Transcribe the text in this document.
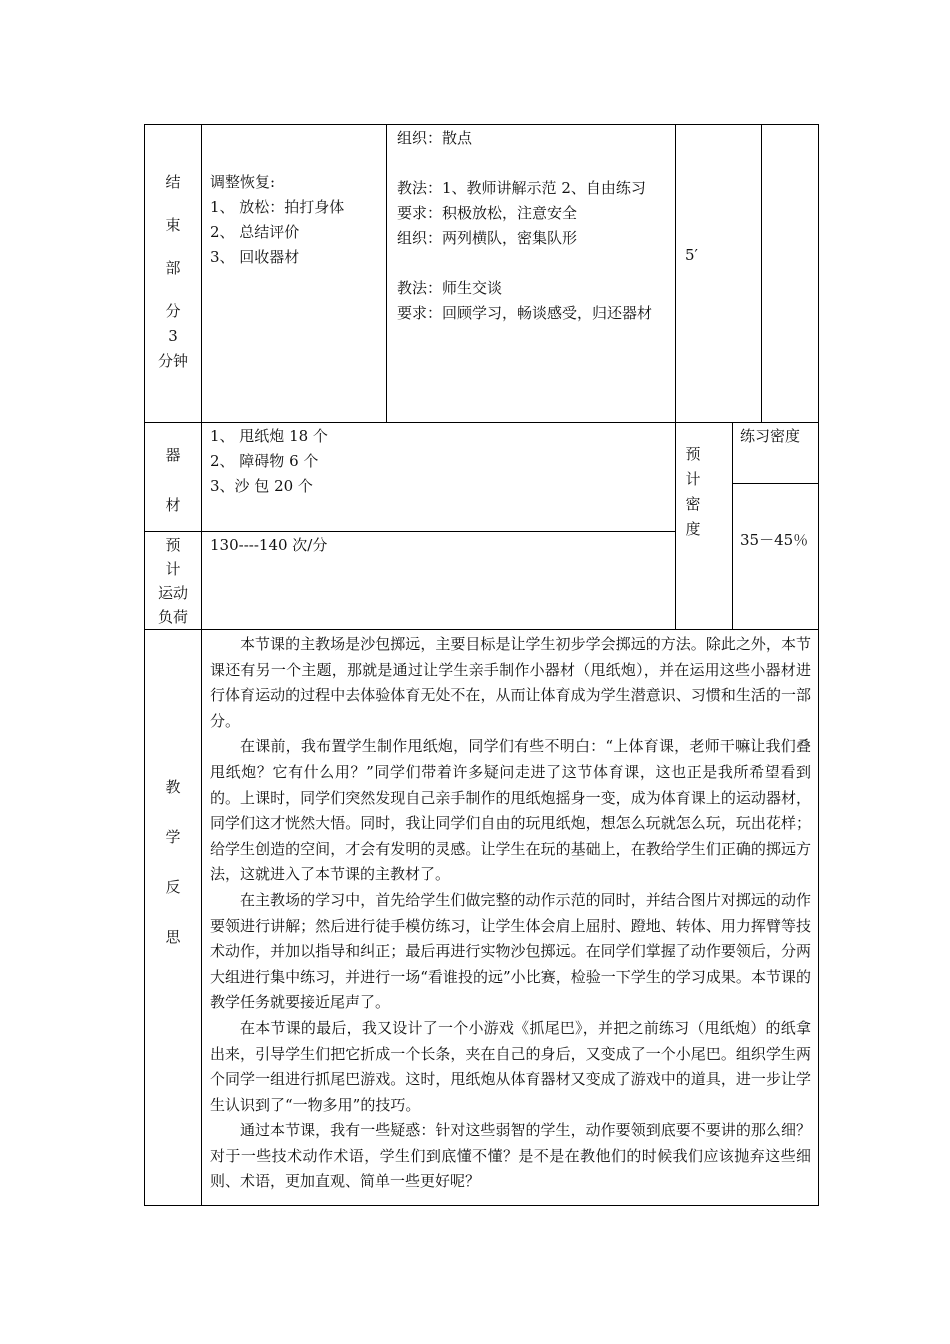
结
束
部
分
3
分钟
调整恢复:
1、 放松：拍打身体
2、 总结评价
3、 回收器材
组织：散点
教法：1、教师讲解示范 2、自由练习
要求：积极放松，注意安全
组织：两列横队，密集队形
教法：师生交谈
要求：回顾学习，畅谈感受，归还器材
5′
器
材
1、 甩纸炮 18 个
2、 障碍物 6 个
3、沙 包 20 个
预
计
密
度
练习密度
35－45％
预
计
运动
负荷
130----140 次/分
教
学
反
思

本节课的主教场是沙包掷远，主要目标是让学生初步学会掷远的方法。除此之外，本节课还有另一个主题，那就是通过让学生亲手制作小器材（甩纸炮），并在运用这些小器材进行体育运动的过程中去体验体育无处不在，从而让体育成为学生潜意识、习惯和生活的一部分。

在课前，我布置学生制作甩纸炮，同学们有些不明白：“上体育课，老师干嘛让我们叠甩纸炮？它有什么用？”同学们带着许多疑问走进了这节体育课，这也正是我所希望看到的。上课时，同学们突然发现自己亲手制作的甩纸炮摇身一变，成为体育课上的运动器材，同学们这才恍然大悟。同时，我让同学们自由的玩甩纸炮，想怎么玩就怎么玩，玩出花样；给学生创造的空间，才会有发明的灵感。让学生在玩的基础上，在教给学生们正确的掷远方法，这就进入了本节课的主教材了。

在主教场的学习中，首先给学生们做完整的动作示范的同时，并结合图片对掷远的动作要领进行讲解；然后进行徒手模仿练习，让学生体会肩上屈肘、蹬地、转体、用力挥臂等技术动作，并加以指导和纠正；最后再进行实物沙包掷远。在同学们掌握了动作要领后，分两大组进行集中练习，并进行一场“看谁投的远”小比赛，检验一下学生的学习成果。本节课的教学任务就要接近尾声了。

在本节课的最后，我又设计了一个小游戏《抓尾巴》，并把之前练习（甩纸炮）的纸拿出来，引导学生们把它折成一个长条，夹在自己的身后，又变成了一个小尾巴。组织学生两个同学一组进行抓尾巴游戏。这时，甩纸炮从体育器材又变成了游戏中的道具，进一步让学生认识到了“一物多用”的技巧。

通过本节课，我有一些疑惑：针对这些弱智的学生，动作要领到底要不要讲的那么细？对于一些技术动作术语，学生们到底懂不懂？是不是在教他们的时候我们应该抛弃这些细则、术语，更加直观、简单一些更好呢？
